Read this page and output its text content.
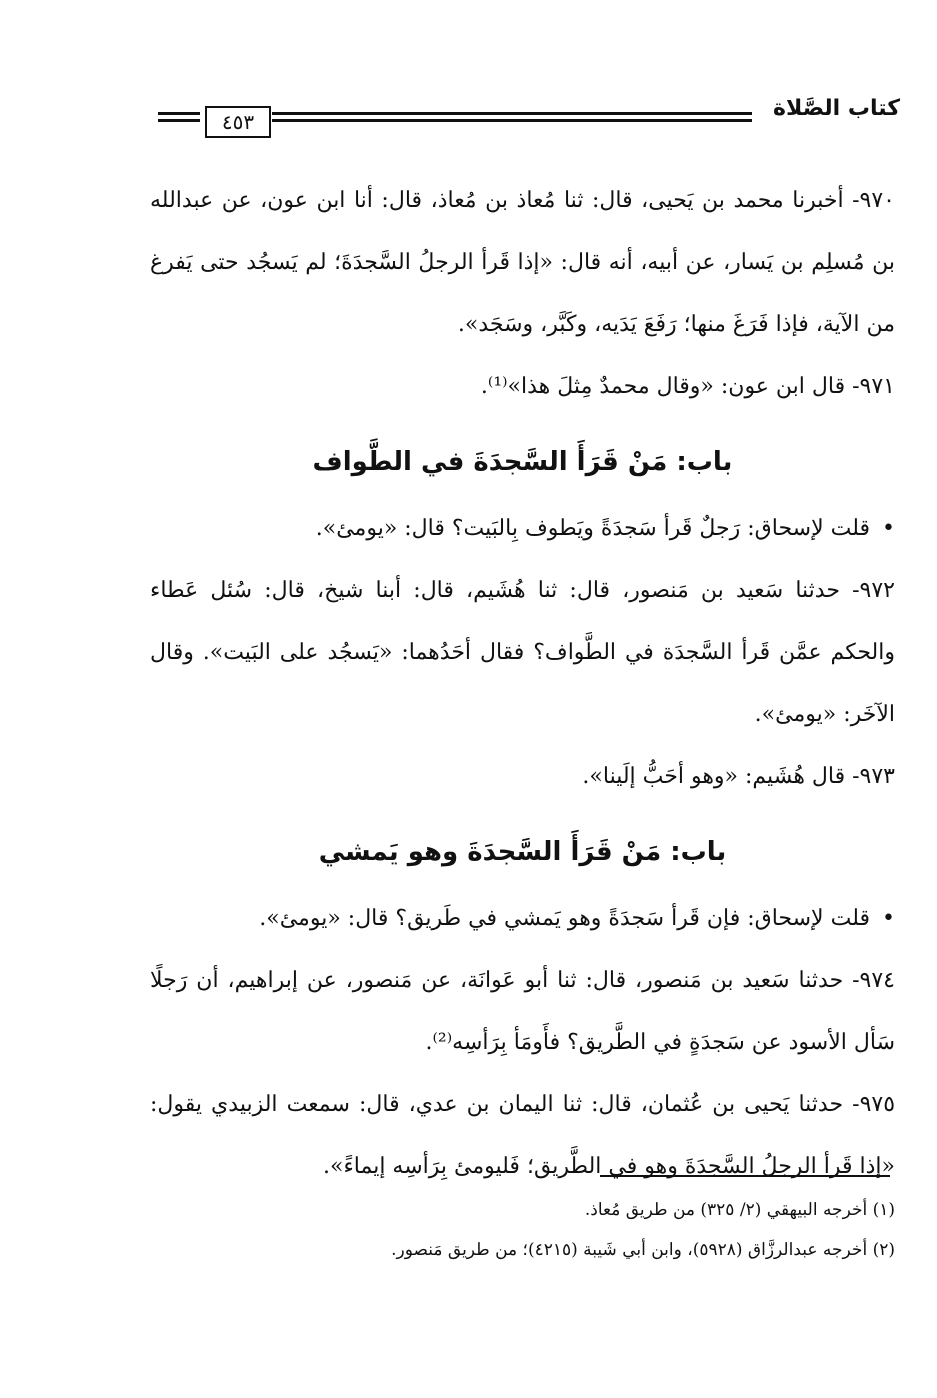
٤٥٣
كتاب الصَّلاة

٩٧٠- أخبرنا محمد بن يَحيى، قال: ثنا مُعاذ بن مُعاذ، قال: أنا ابن عون، عن عبدالله بن مُسلِم بن يَسار، عن أبيه، أنه قال: «إذا قَرأ الرجلُ السَّجدَةَ؛ لم يَسجُد حتى يَفرغ من الآية، فإذا فَرَغَ منها؛ رَفَعَ يَدَيه، وكَبَّر، وسَجَد».

٩٧١- قال ابن عون: «وقال محمدٌ مِثلَ هذا»⁽¹⁾.

باب: مَنْ قَرَأَ السَّجدَةَ في الطَّواف

• قلت لإسحاق: رَجلٌ قَرأ سَجدَةً ويَطوف بِالبَيت؟ قال: «يومئ».

٩٧٢- حدثنا سَعيد بن مَنصور، قال: ثنا هُشَيم، قال: أبنا شيخ، قال: سُئل عَطاء والحكم عمَّن قَرأ السَّجدَة في الطَّواف؟ فقال أحَدُهما: «يَسجُد على البَيت». وقال الآخَر: «يومئ».

٩٧٣- قال هُشَيم: «وهو أحَبُّ إلَينا».

باب: مَنْ قَرَأَ السَّجدَةَ وهو يَمشي

• قلت لإسحاق: فإن قَرأ سَجدَةً وهو يَمشي في طَريق؟ قال: «يومئ».

٩٧٤- حدثنا سَعيد بن مَنصور، قال: ثنا أبو عَوانَة، عن مَنصور، عن إبراهيم، أن رَجلًا سَأل الأسود عن سَجدَةٍ في الطَّريق؟ فأَومَأ بِرَأسِه⁽²⁾.

٩٧٥- حدثنا يَحيى بن عُثمان، قال: ثنا اليمان بن عدي، قال: سمعت الزبيدي يقول: «إذا قَرأ الرجلُ السَّجدَةَ وهو في الطَّريق؛ فَليومئ بِرَأسِه إيماءً».

(١) أخرجه البيهقي (٢/ ٣٢٥) من طريق مُعاذ.

(٢) أخرجه عبدالرزَّاق (٥٩٢٨)، وابن أبي شَيبة (٤٢١٥)؛ من طريق مَنصور.
